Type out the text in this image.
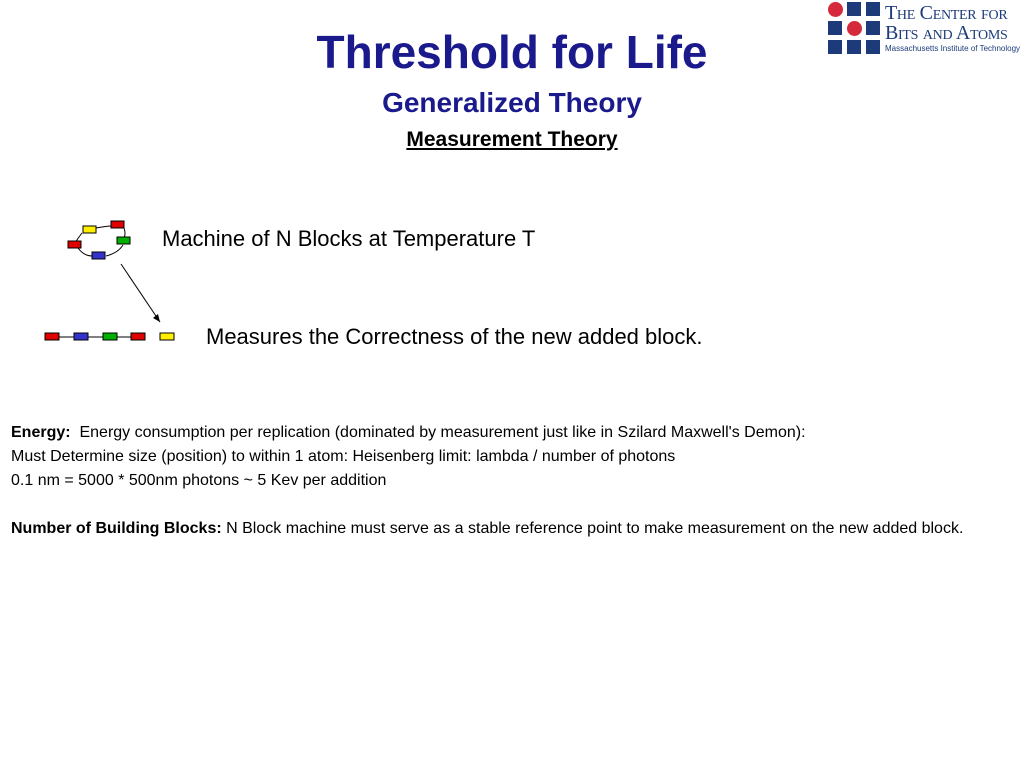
Threshold for Life
Generalized Theory
Measurement Theory
The Center for
Bits and Atoms
Massachusetts Institute of Technology
Machine of N Blocks at Temperature T
Measures the Correctness of the new added block.
Energy: Energy consumption per replication (dominated by measurement just like in Szilard Maxwell's Demon):
Must Determine size (position) to within 1 atom: Heisenberg limit: lambda / number of photons
0.1 nm = 5000 * 500nm photons ~ 5 Kev per addition
Number of Building Blocks: N Block machine must serve as a stable reference point to make measurement on the new added block.
